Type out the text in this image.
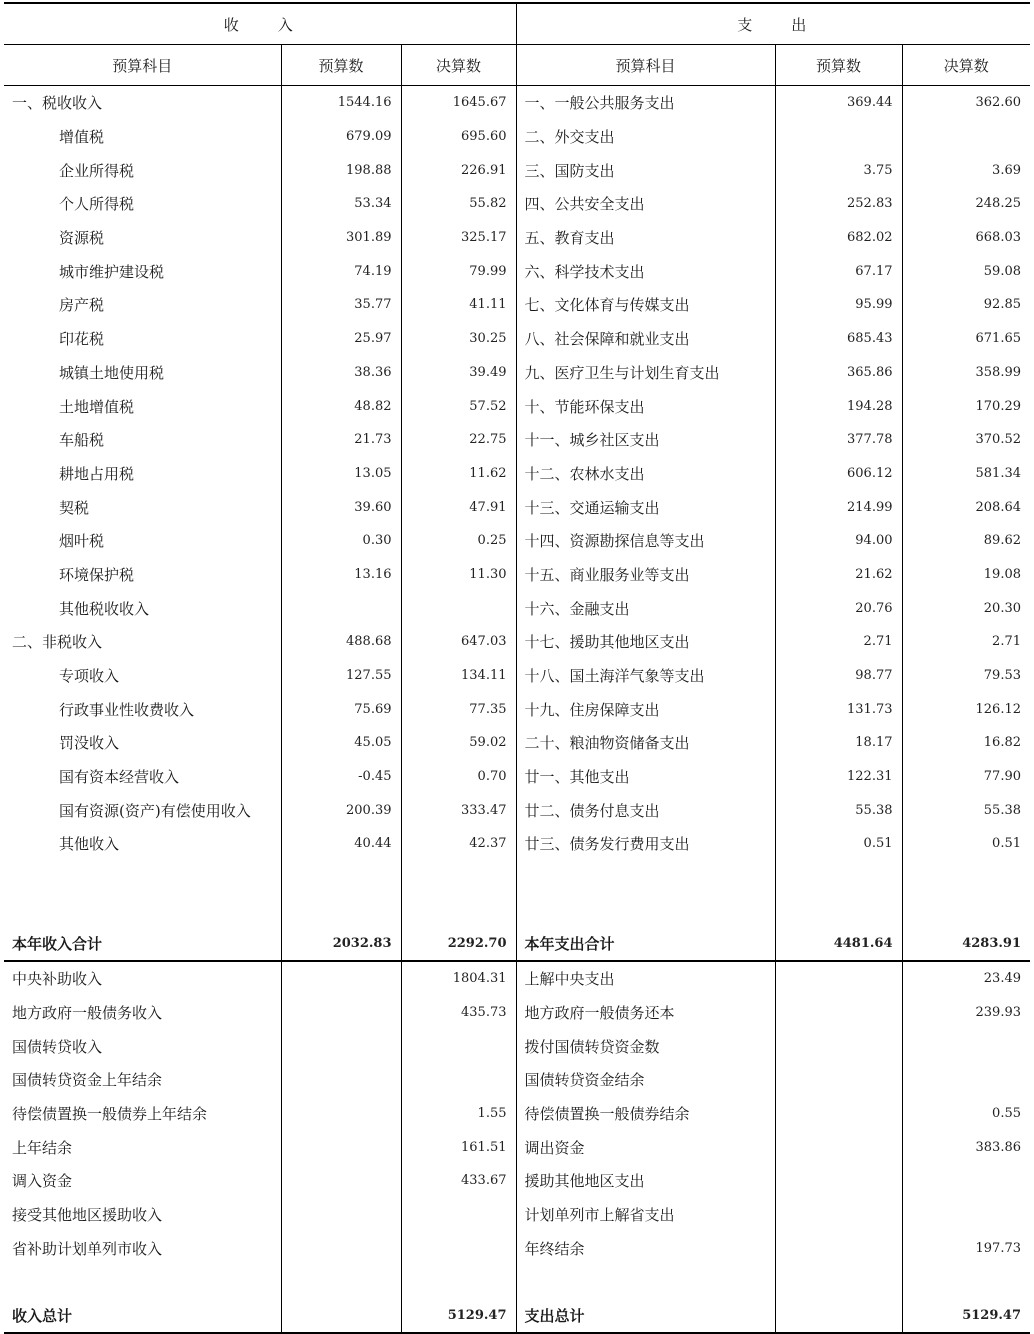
收　　入			支　　出		
预算科目	预算数	决算数	预算科目	预算数	决算数
一、税收收入	1544.16	1645.67	一、一般公共服务支出	369.44	362.60
增值税	679.09	695.60	二、外交支出		
企业所得税	198.88	226.91	三、国防支出	3.75	3.69
个人所得税	53.34	55.82	四、公共安全支出	252.83	248.25
资源税	301.89	325.17	五、教育支出	682.02	668.03
城市维护建设税	74.19	79.99	六、科学技术支出	67.17	59.08
房产税	35.77	41.11	七、文化体育与传媒支出	95.99	92.85
印花税	25.97	30.25	八、社会保障和就业支出	685.43	671.65
城镇土地使用税	38.36	39.49	九、医疗卫生与计划生育支出	365.86	358.99
土地增值税	48.82	57.52	十、节能环保支出	194.28	170.29
车船税	21.73	22.75	十一、城乡社区支出	377.78	370.52
耕地占用税	13.05	11.62	十二、农林水支出	606.12	581.34
契税	39.60	47.91	十三、交通运输支出	214.99	208.64
烟叶税	0.30	0.25	十四、资源勘探信息等支出	94.00	89.62
环境保护税	13.16	11.30	十五、商业服务业等支出	21.62	19.08
其他税收收入			十六、金融支出	20.76	20.30
二、非税收入	488.68	647.03	十七、援助其他地区支出	2.71	2.71
专项收入	127.55	134.11	十八、国土海洋气象等支出	98.77	79.53
行政事业性收费收入	75.69	77.35	十九、住房保障支出	131.73	126.12
罚没收入	45.05	59.02	二十、粮油物资储备支出	18.17	16.82
国有资本经营收入	-0.45	0.70	廿一、其他支出	122.31	77.90
国有资源(资产)有偿使用收入	200.39	333.47	廿二、债务付息支出	55.38	55.38
其他收入	40.44	42.37	廿三、债务发行费用支出	0.51	0.51

本年收入合计	2032.83	2292.70	本年支出合计	4481.64	4283.91
中央补助收入		1804.31	上解中央支出		23.49
地方政府一般债务收入		435.73	地方政府一般债务还本		239.93
国债转贷收入			拨付国债转贷资金数		
国债转贷资金上年结余			国债转贷资金结余		
待偿债置换一般债券上年结余		1.55	待偿债置换一般债券结余		0.55
上年结余		161.51	调出资金		383.86
调入资金		433.67	援助其他地区支出		
接受其他地区援助收入			计划单列市上解省支出		
省补助计划单列市收入			年终结余		197.73

收入总计		5129.47	支出总计		5129.47
